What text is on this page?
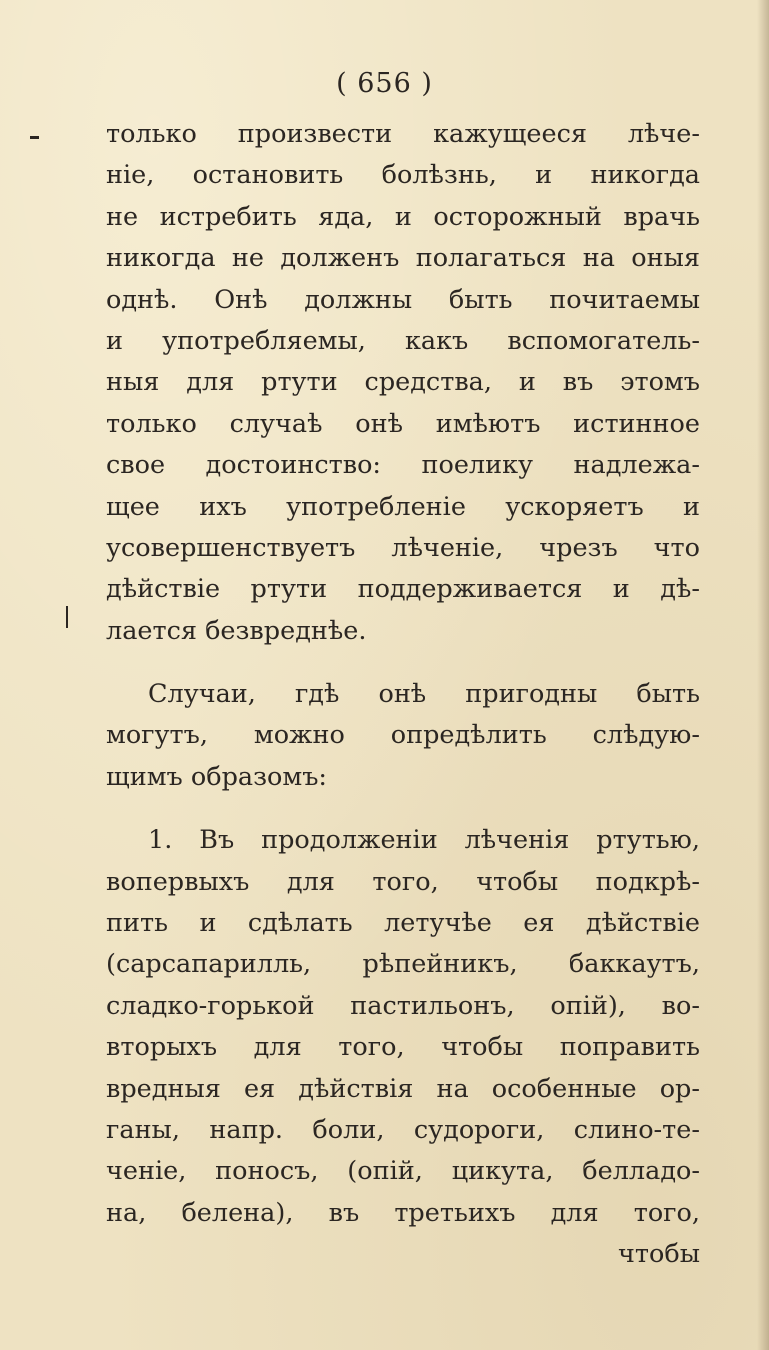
( 656 )
только произвести кажущееся лѣче-
ніе, остановить болѣзнь, и никогда
не истребить яда, и осторожный врачь
никогда не долженъ полагаться на оныя
однѣ. Онѣ должны быть почитаемы
и употребляемы, какъ вспомогатель-
ныя для ртути средства, и въ этомъ
только случаѣ онѣ имѣютъ истинное
свое достоинство: поелику надлежа-
щее ихъ употребленіе ускоряетъ и
усовершенствуетъ лѣченіе, чрезъ что
дѣйствіе ртути поддерживается и дѣ-
лается безвреднѣе.
Случаи, гдѣ онѣ пригодны быть
могутъ, можно опредѣлить слѣдую-
щимъ образомъ:
1. Въ продолженіи лѣченія ртутью,
вопервыхъ для того, чтобы подкрѣ-
пить и сдѣлать летучѣе ея дѣйствіе
(сарсапарилль, рѣпейникъ, баккаутъ,
сладко-горькой пастильонъ, опій), во-
вторыхъ для того, чтобы поправить
вредныя ея дѣйствія на особенные ор-
ганы, напр. боли, судороги, слино-те-
ченіе, поносъ, (опій, цикута, белладо-
на, белена), въ третьихъ для того,
чтобы
